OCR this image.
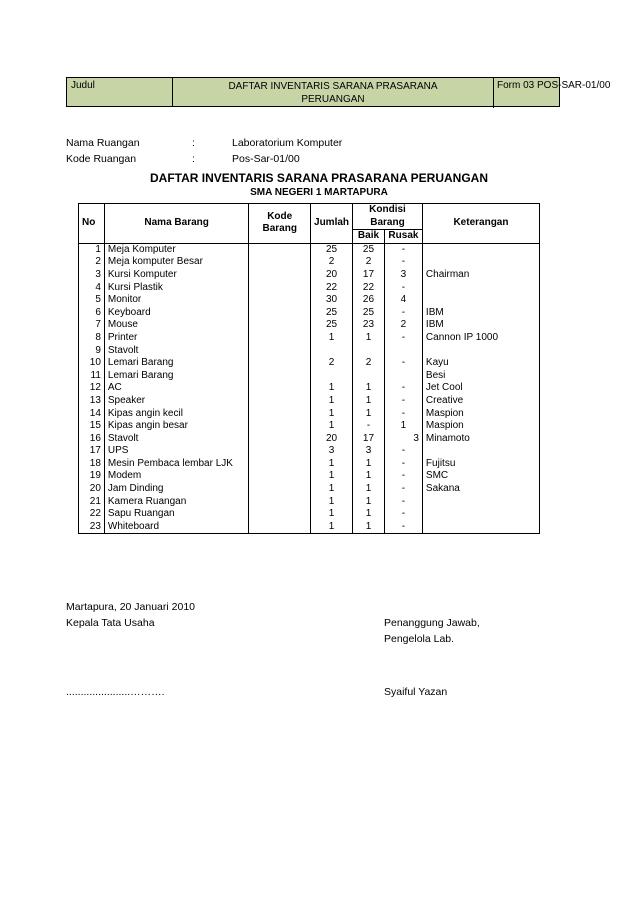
Judul	DAFTAR INVENTARIS SARANA PRASARANA
PERUANGAN
Form 03 POS-SAR-01/00
Nama Ruangan	:	Laboratorium Komputer
Kode Ruangan	:	Pos-Sar-01/00
DAFTAR INVENTARIS SARANA PRASARANA PERUANGAN
SMA NEGERI 1 MARTAPURA
No	Nama Barang	Kode Barang	Jumlah	Kondisi Barang		Keterangan
				Baik	Rusak	
1	Meja Komputer		25	25	-	
2	Meja komputer Besar		2	2	-	
3	Kursi Komputer		20	17	3	Chairman
4	Kursi Plastik		22	22	-	
5	Monitor		30	26	4	
6	Keyboard		25	25	-	IBM
7	Mouse		25	23	2	IBM
8	Printer		1	1	-	Cannon IP 1000
9	Stavolt					
10	Lemari Barang		2	2	-	Kayu
11	Lemari Barang					Besi
12	AC		1	1	-	Jet Cool
13	Speaker		1	1	-	Creative
14	Kipas angin kecil		1	1	-	Maspion
15	Kipas angin besar		1	-	1	Maspion
16	Stavolt		20	17	3	Minamoto
17	UPS		3	3	-	
18	Mesin Pembaca lembar LJK		1	1	-	Fujitsu
19	Modem		1	1	-	SMC
20	Jam Dinding		1	1	-	Sakana
21	Kamera Ruangan		1	1	-	
22	Sapu Ruangan		1	1	-	
23	Whiteboard		1	1	-	
Martapura, 20 Januari 2010
Kepala Tata Usaha	Penanggung Jawab,
Pengelola Lab.
......................……….	Syaiful Yazan
